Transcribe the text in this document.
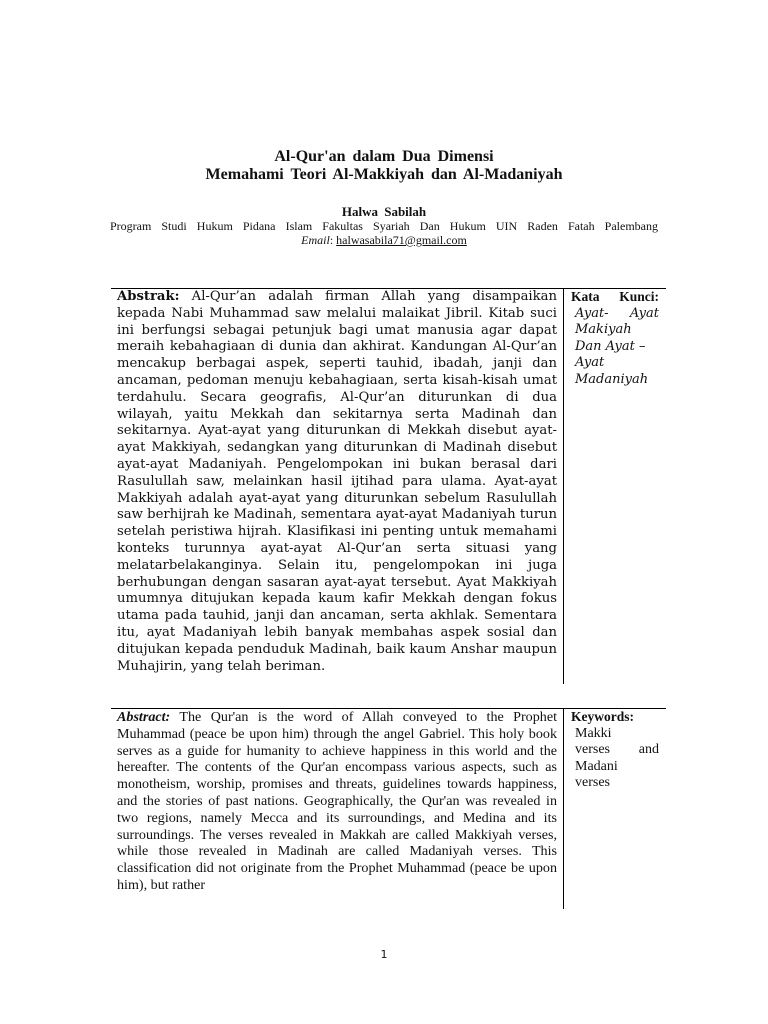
Al-Qur'an dalam Dua Dimensi
Memahami Teori Al-Makkiyah dan Al-Madaniyah
Halwa Sabilah
Program Studi Hukum Pidana Islam Fakultas Syariah Dan Hukum UIN Raden Fatah Palembang
Email: halwasabila71@gmail.com
Abstrak: Al-Qur’an adalah firman Allah yang disampaikan kepada Nabi Muhammad saw melalui malaikat Jibril. Kitab suci ini berfungsi sebagai petunjuk bagi umat manusia agar dapat meraih kebahagiaan di dunia dan akhirat. Kandungan Al-Qur’an mencakup berbagai aspek, seperti tauhid, ibadah, janji dan ancaman, pedoman menuju kebahagiaan, serta kisah-kisah umat terdahulu. Secara geografis, Al-Qur’an diturunkan di dua wilayah, yaitu Mekkah dan sekitarnya serta Madinah dan sekitarnya. Ayat-ayat yang diturunkan di Mekkah disebut ayat-ayat Makkiyah, sedangkan yang diturunkan di Madinah disebut ayat-ayat Madaniyah. Pengelompokan ini bukan berasal dari Rasulullah saw, melainkan hasil ijtihad para ulama. Ayat-ayat Makkiyah adalah ayat-ayat yang diturunkan sebelum Rasulullah saw berhijrah ke Madinah, sementara ayat-ayat Madaniyah turun setelah peristiwa hijrah. Klasifikasi ini penting untuk memahami konteks turunnya ayat-ayat Al-Qur’an serta situasi yang melatarbelakanginya. Selain itu, pengelompokan ini juga berhubungan dengan sasaran ayat-ayat tersebut. Ayat Makkiyah umumnya ditujukan kepada kaum kafir Mekkah dengan fokus utama pada tauhid, janji dan ancaman, serta akhlak. Sementara itu, ayat Madaniyah lebih banyak membahas aspek sosial dan ditujukan kepada penduduk Madinah, baik kaum Anshar maupun Muhajirin, yang telah beriman.
Kata Kunci:
Ayat- Ayat
Makiyah
Dan Ayat –
Ayat
Madaniyah
Abstract: The Qur'an is the word of Allah conveyed to the Prophet Muhammad (peace be upon him) through the angel Gabriel. This holy book serves as a guide for humanity to achieve happiness in this world and the hereafter. The contents of the Qur'an encompass various aspects, such as monotheism, worship, promises and threats, guidelines towards happiness, and the stories of past nations. Geographically, the Qur'an was revealed in two regions, namely Mecca and its surroundings, and Medina and its surroundings. The verses revealed in Makkah are called Makkiyah verses, while those revealed in Madinah are called Madaniyah verses. This classification did not originate from the Prophet Muhammad (peace be upon him), but rather
Keywords:
Makki
verses and
Madani
verses
1
